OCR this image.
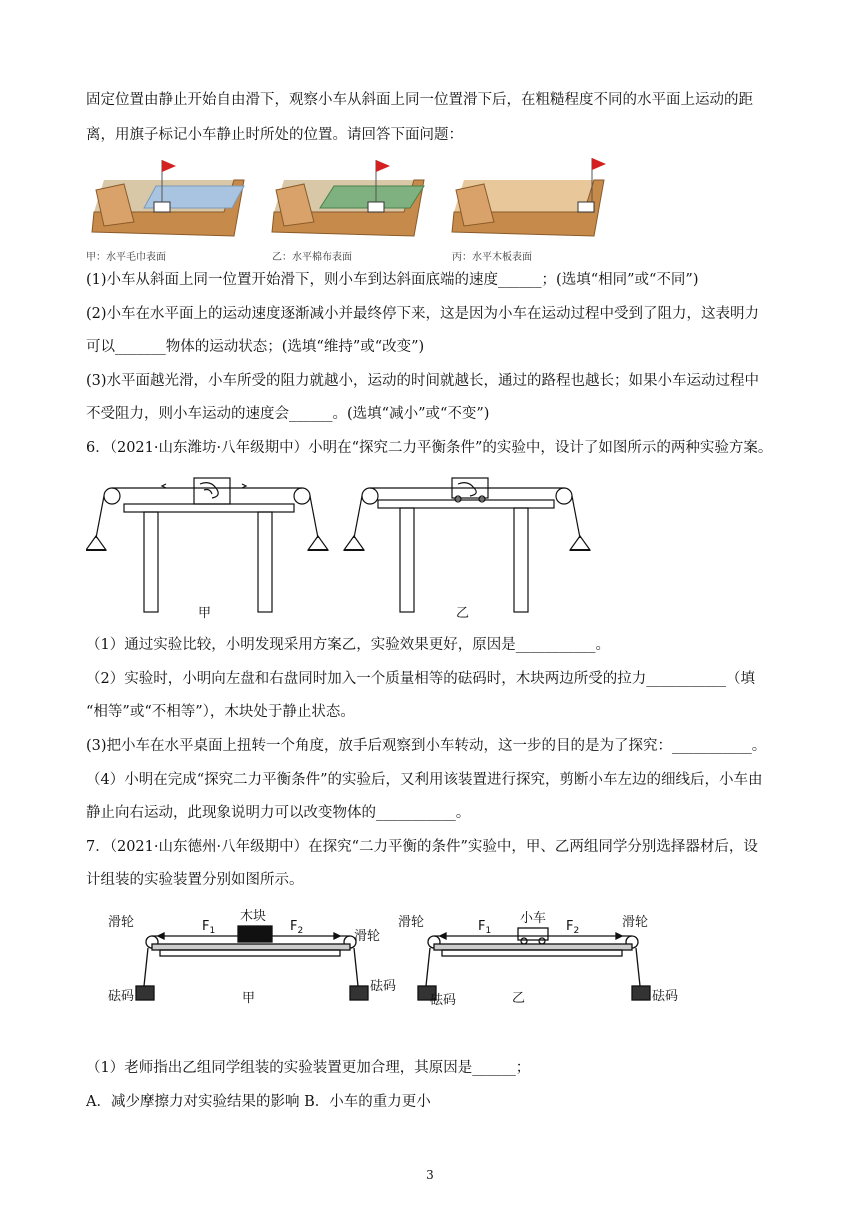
固定位置由静止开始自由滑下，观察小车从斜面上同一位置滑下后，在粗糙程度不同的水平面上运动的距
离，用旗子标记小车静止时所处的位置。请回答下面问题：
甲：水平毛巾表面	乙：水平棉布表面	丙：水平木板表面
(1)小车从斜面上同一位置开始滑下，则小车到达斜面底端的速度______；(选填“相同”或“不同”)
(2)小车在水平面上的运动速度逐渐减小并最终停下来，这是因为小车在运动过程中受到了阻力，这表明力
可以_______物体的运动状态；(选填“维持”或“改变”)
(3)水平面越光滑，小车所受的阻力就越小，运动的时间就越长，通过的路程也越长；如果小车运动过程中
不受阻力，则小车运动的速度会______。(选填“减小”或“不变”)
6．（2021·山东潍坊·八年级期中）小明在“探究二力平衡条件”的实验中，设计了如图所示的两种实验方案。
甲	乙
（1）通过实验比较，小明发现采用方案乙，实验效果更好，原因是___________。
（2）实验时，小明向左盘和右盘同时加入一个质量相等的砝码时，木块两边所受的拉力___________（填
“相等”或“不相等”），木块处于静止状态。
(3)把小车在水平桌面上扭转一个角度，放手后观察到小车转动，这一步的目的是为了探究：___________。
（4）小明在完成“探究二力平衡条件”的实验后，又利用该装置进行探究，剪断小车左边的细线后，小车由
静止向右运动，此现象说明力可以改变物体的___________。
7．（2021·山东德州·八年级期中）在探究“二力平衡的条件”实验中，甲、乙两组同学分别选择器材后，设
计组装的实验装置分别如图所示。
滑轮
滑轮
木块
$F_1$	$F_2$
砝码
砝码
甲
滑轮	滑轮
小车
$F_1$	$F_2$
砝码	砝码
乙
（1）老师指出乙组同学组装的实验装置更加合理，其原因是______；
A．减少摩擦力对实验结果的影响 B．小车的重力更小
3
